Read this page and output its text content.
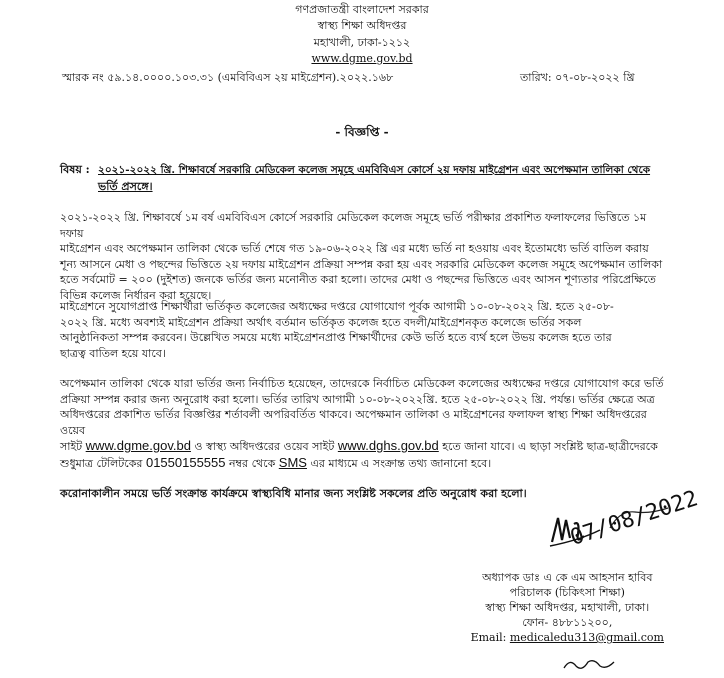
গণপ্রজাতন্ত্রী বাংলাদেশ সরকার
স্বাস্থ্য শিক্ষা অধিদপ্তর
মহাখালী, ঢাকা-১২১২
www.dgme.gov.bd
স্মারক নং ৫৯.১৪.০০০০.১০৩.৩১ (এমবিবিএস ২য় মাইগ্রেশন).২০২২.১৬৮	তারিখ: ০৭-০৮-২০২২ খ্রি
- বিজ্ঞপ্তি -
বিষয় : ২০২১-২০২২ খ্রি. শিক্ষাবর্ষে সরকারি মেডিকেল কলেজ সমূহে এমবিবিএস কোর্সে ২য় দফায় মাইগ্রেশন এবং অপেক্ষমান তালিকা থেকে
ভর্তি প্রসঙ্গে।
২০২১-২০২২ খ্রি. শিক্ষাবর্ষে ১ম বর্ষ এমবিবিএস কোর্সে সরকারি মেডিকেল কলেজ সমূহে ভর্তি পরীক্ষার প্রকাশিত ফলাফলের ভিত্তিতে ১ম দফায়
মাইগ্রেশন এবং অপেক্ষমান তালিকা থেকে ভর্তি শেষে গত ১৯-০৬-২০২২ খ্রি এর মধ্যে ভর্তি না হওয়ায় এবং ইতোমধ্যে ভর্তি বাতিল করায়
শূন্য আসনে মেধা ও পছন্দের ভিত্তিতে ২য় দফায় মাইগ্রেশন প্রক্রিয়া সম্পন্ন করা হয় এবং সরকারি মেডিকেল কলেজ সমূহে অপেক্ষমান তালিকা
হতে সর্বমোট = ২০০ (দুইশত) জনকে ভর্তির জন্য মনোনীত করা হলো। তাদের মেধা ও পছন্দের ভিত্তিতে এবং আসন শূণ্যতার পরিপ্রেক্ষিতে
বিভিন্ন কলেজ নির্ধারন করা হয়েছে।
মাইগ্রেশনে সুযোগপ্রাপ্ত শিক্ষার্থীরা ভর্তিকৃত কলেজের অধ্যক্ষের দপ্তরে যোগাযোগ পূর্বক আগামী ১০-০৮-২০২২ খ্রি. হতে ২৫-০৮-
২০২২ খ্রি. মধ্যে অবশ্যই মাইগ্রেশন প্রক্রিয়া অর্থাৎ বর্তমান ভর্তিকৃত কলেজ হতে বদলী/মাইগ্রেশনকৃত কলেজে ভর্তির সকল
আনুষ্ঠানিকতা সম্পন্ন করবেন। উল্লেখিত সময়ে মধ্যে মাইগ্রেশনপ্রাপ্ত শিক্ষার্থীদের কেউ ভর্তি হতে ব্যর্থ হলে উভয় কলেজ হতে তার
ছাত্রত্ব বাতিল হয়ে যাবে।
অপেক্ষমান তালিকা থেকে যারা ভর্তির জন্য নির্বাচিত হয়েছেন, তাদেরকে নির্বাচিত মেডিকেল কলেজের অধ্যক্ষের দপ্তরে যোগাযোগ করে ভর্তি
প্রক্রিয়া সম্পন্ন করার জন্য অনুরোধ করা হলো। ভর্তির তারিখ আগামী ১০-০৮-২০২২খ্রি. হতে ২৫-০৮-২০২২ খ্রি. পর্যন্ত। ভর্তির ক্ষেত্রে অত্র
অধিদপ্তরের প্রকাশিত ভর্তির বিজ্ঞপ্তির শর্তাবলী অপরিবর্তিত থাকবে। অপেক্ষমান তালিকা ও মাইগ্রেশনের ফলাফল স্বাস্থ্য শিক্ষা অধিদপ্তরের ওয়েব
সাইট www.dgme.gov.bd ও স্বাস্থ্য অধিদপ্তরের ওয়েব সাইট www.dghs.gov.bd হতে জানা যাবে। এ ছাড়া সংশ্লিষ্ট ছাত্র-ছাত্রীদেরকে
শুধুমাত্র টেলিটকের 01550155555 নম্বর থেকে SMS এর মাধ্যমে এ সংক্রান্ত তথ্য জানানো হবে।
করোনাকালীন সময়ে ভর্তি সংক্রান্ত কার্যক্রমে স্বাস্থ্যবিধি মানার জন্য সংশ্লিষ্ট সকলের প্রতি অনুরোধ করা হলো। 07/08/2022
অধ্যাপক ডাঃ এ কে এম আহসান হাবিব
পরিচালক (চিকিৎসা শিক্ষা)
স্বাস্থ্য শিক্ষা অধিদপ্তর, মহাখালী, ঢাকা।
ফোন- ৪৮৮১১২০০,
Email: medicaledu313@gmail.com
